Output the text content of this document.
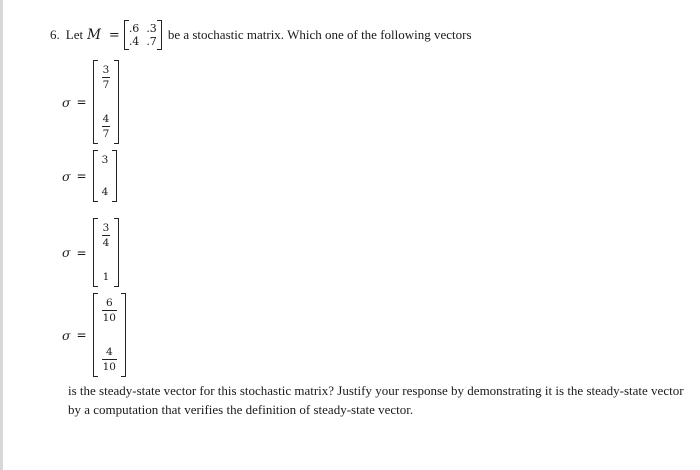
6. Let M = .6 .3
.4 .7 be a stochastic matrix. Which one of the following vectors
σ =
$\frac{3}{7}$
$\frac{4}{7}$
σ =
3
4
σ =
$\frac{3}{4}$
1
σ =
$\frac{6}{10}$
$\frac{4}{10}$
is the steady-state vector for this stochastic matrix? Justify your response by demonstrating it is the steady-state vector by a computation that verifies the definition of steady-state vector.
